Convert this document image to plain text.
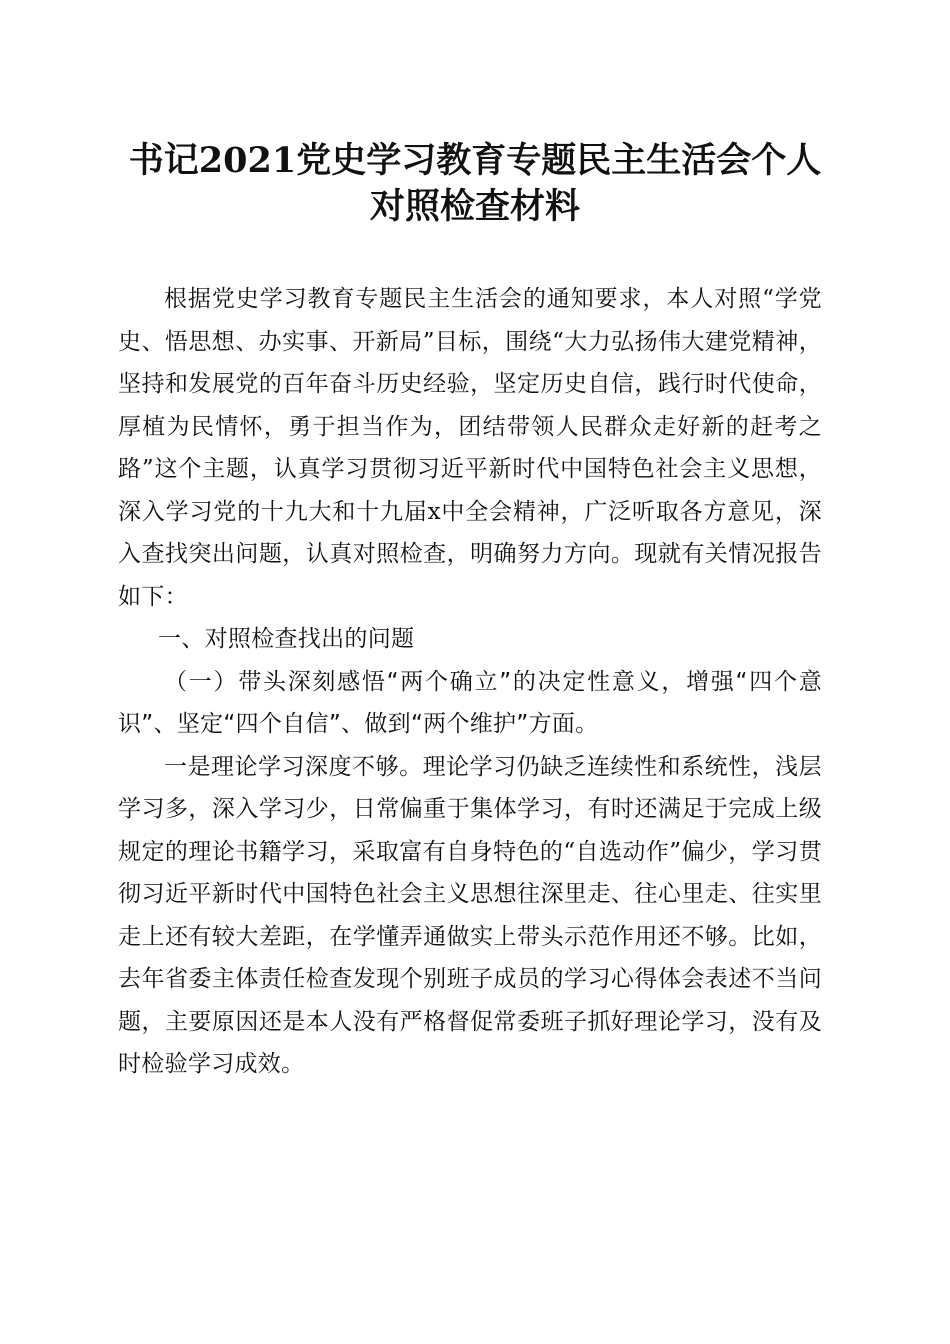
书记2021党史学习教育专题民主生活会个人
对照检查材料

根据党史学习教育专题民主生活会的通知要求，本人对照“学党史、悟思想、办实事、开新局”目标，围绕“大力弘扬伟大建党精神，坚持和发展党的百年奋斗历史经验，坚定历史自信，践行时代使命，厚植为民情怀，勇于担当作为，团结带领人民群众走好新的赶考之路”这个主题，认真学习贯彻习近平新时代中国特色社会主义思想，深入学习党的十九大和十九届x中全会精神，广泛听取各方意见，深入查找突出问题，认真对照检查，明确努力方向。现就有关情况报告如下：

一、对照检查找出的问题

（一）带头深刻感悟“两个确立”的决定性意义，增强“四个意识”、坚定“四个自信”、做到“两个维护”方面。

一是理论学习深度不够。理论学习仍缺乏连续性和系统性，浅层学习多，深入学习少，日常偏重于集体学习，有时还满足于完成上级规定的理论书籍学习，采取富有自身特色的“自选动作”偏少，学习贯彻习近平新时代中国特色社会主义思想往深里走、往心里走、往实里走上还有较大差距，在学懂弄通做实上带头示范作用还不够。比如，去年省委主体责任检查发现个别班子成员的学习心得体会表述不当问题，主要原因还是本人没有严格督促常委班子抓好理论学习，没有及时检验学习成效。
